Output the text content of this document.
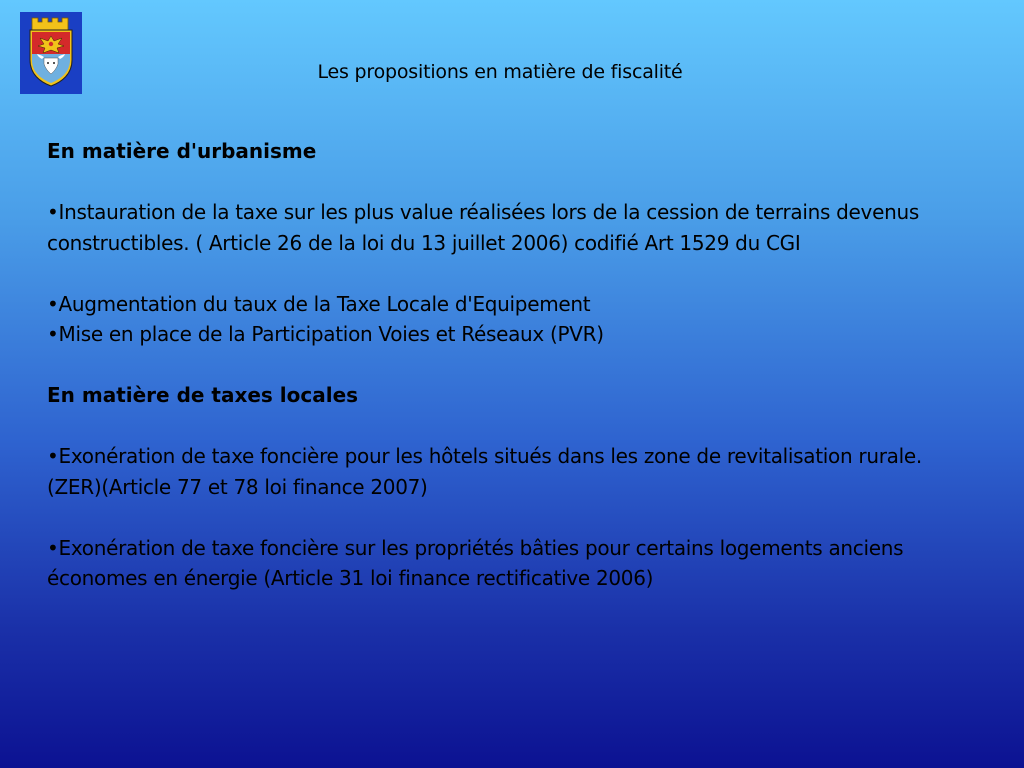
Les propositions en matière de fiscalité
En matière d'urbanisme

•Instauration de la taxe sur les plus value réalisées lors de la cession de terrains devenus constructibles. ( Article 26 de la loi du 13 juillet 2006) codifié Art 1529 du CGI

•Augmentation du taux de la Taxe Locale d'Equipement

•Mise en place de la Participation Voies et Réseaux (PVR)

En matière de taxes locales

•Exonération de taxe foncière pour les hôtels situés dans les zone de revitalisation rurale.(ZER)(Article 77 et 78 loi finance 2007)

•Exonération de taxe foncière sur les propriétés bâties pour certains logements anciens économes en énergie (Article 31 loi finance rectificative 2006)
